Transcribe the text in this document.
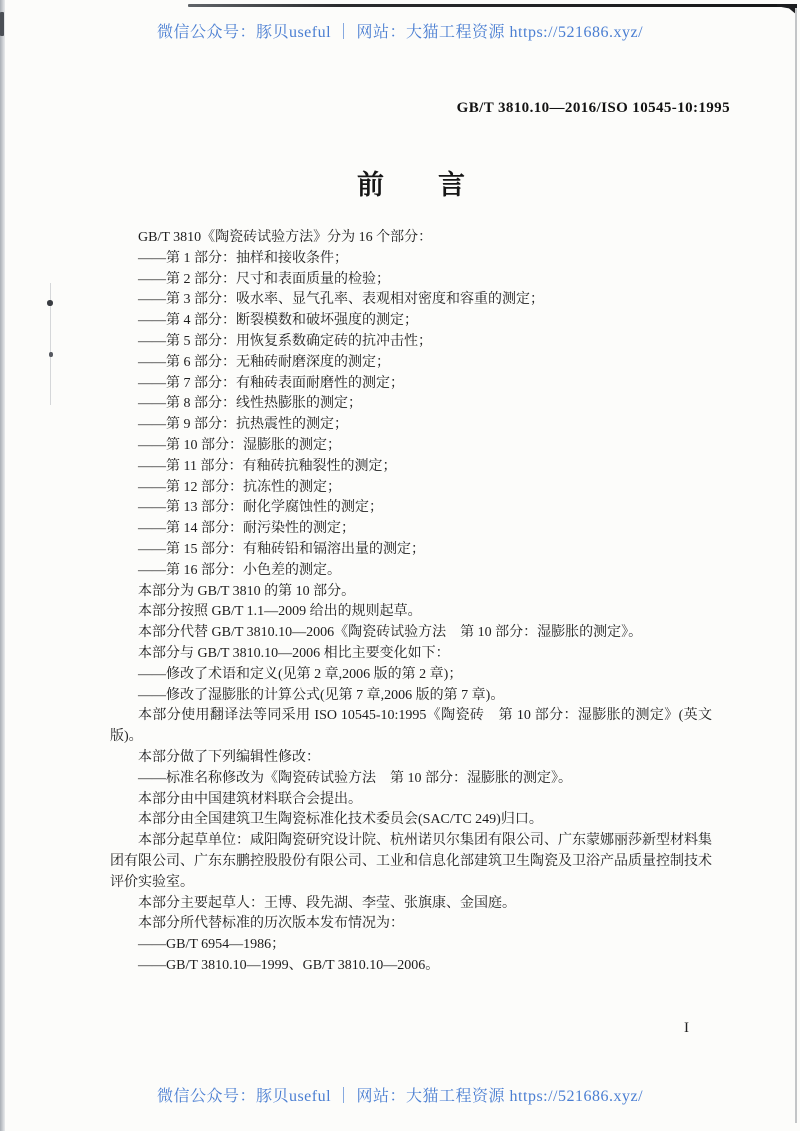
微信公众号：豚贝useful ｜ 网站：大猫工程资源 https://521686.xyz/
GB/T 3810.10—2016/ISO 10545-10:1995
前　　言

GB/T 3810《陶瓷砖试验方法》分为 16 个部分：

——第 1 部分：抽样和接收条件；

——第 2 部分：尺寸和表面质量的检验；

——第 3 部分：吸水率、显气孔率、表观相对密度和容重的测定；

——第 4 部分：断裂模数和破坏强度的测定；

——第 5 部分：用恢复系数确定砖的抗冲击性；

——第 6 部分：无釉砖耐磨深度的测定；

——第 7 部分：有釉砖表面耐磨性的测定；

——第 8 部分：线性热膨胀的测定；

——第 9 部分：抗热震性的测定；

——第 10 部分：湿膨胀的测定；

——第 11 部分：有釉砖抗釉裂性的测定；

——第 12 部分：抗冻性的测定；

——第 13 部分：耐化学腐蚀性的测定；

——第 14 部分：耐污染性的测定；

——第 15 部分：有釉砖铅和镉溶出量的测定；

——第 16 部分：小色差的测定。

本部分为 GB/T 3810 的第 10 部分。

本部分按照 GB/T 1.1—2009 给出的规则起草。

本部分代替 GB/T 3810.10—2006《陶瓷砖试验方法　第 10 部分：湿膨胀的测定》。

本部分与 GB/T 3810.10—2006 相比主要变化如下：

——修改了术语和定义(见第 2 章,2006 版的第 2 章)；

——修改了湿膨胀的计算公式(见第 7 章,2006 版的第 7 章)。

本部分使用翻译法等同采用 ISO 10545-10:1995《陶瓷砖　第 10 部分：湿膨胀的测定》(英文版)。

本部分做了下列编辑性修改：

——标准名称修改为《陶瓷砖试验方法　第 10 部分：湿膨胀的测定》。

本部分由中国建筑材料联合会提出。

本部分由全国建筑卫生陶瓷标准化技术委员会(SAC/TC 249)归口。

本部分起草单位：咸阳陶瓷研究设计院、杭州诺贝尔集团有限公司、广东蒙娜丽莎新型材料集团有限公司、广东东鹏控股股份有限公司、工业和信息化部建筑卫生陶瓷及卫浴产品质量控制技术评价实验室。

本部分主要起草人：王博、段先湖、李莹、张旗康、金国庭。

本部分所代替标准的历次版本发布情况为：

——GB/T 6954—1986；

——GB/T 3810.10—1999、GB/T 3810.10—2006。

I
微信公众号：豚贝useful ｜ 网站：大猫工程资源 https://521686.xyz/
